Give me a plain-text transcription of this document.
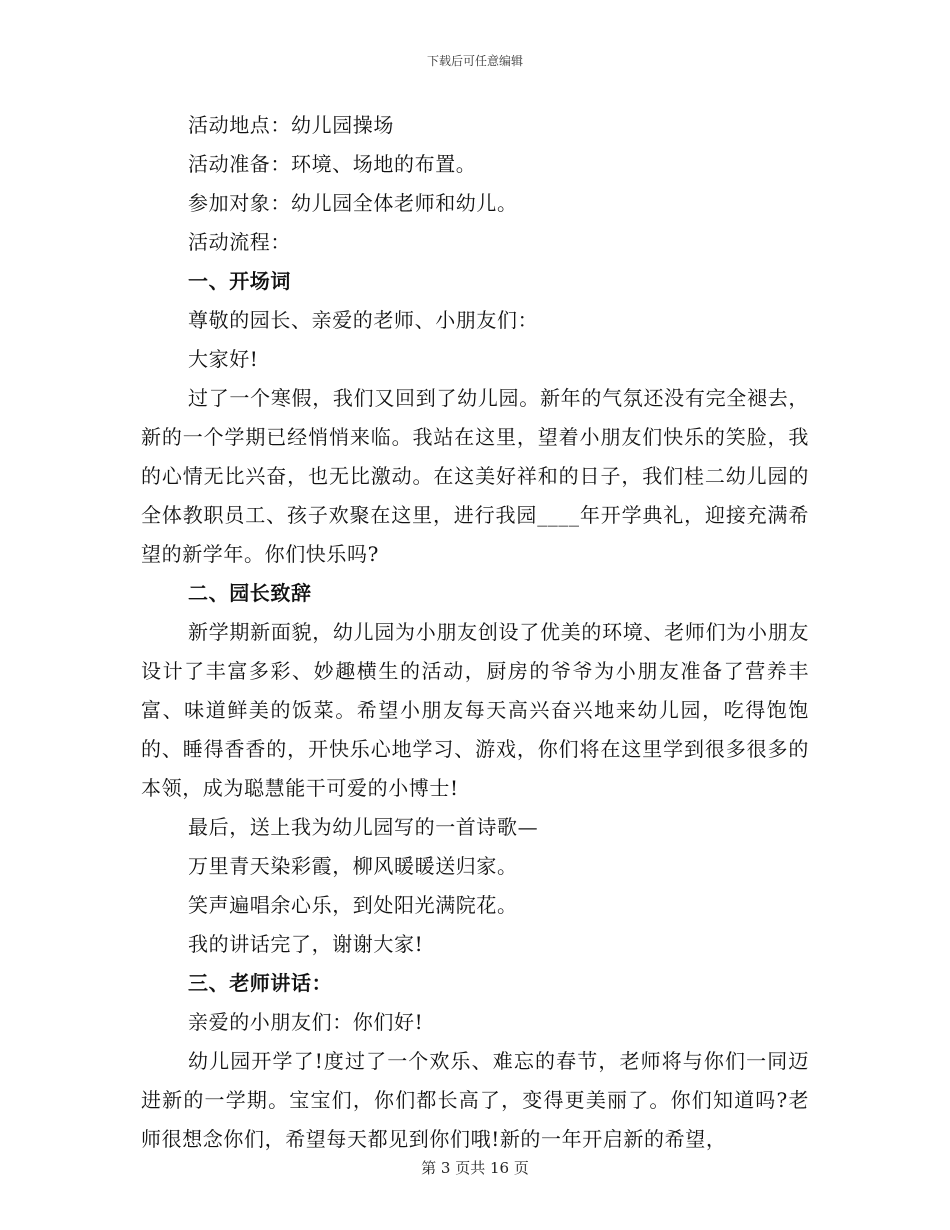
下载后可任意编辑

活动地点：幼儿园操场

活动准备：环境、场地的布置。

参加对象：幼儿园全体老师和幼儿。

活动流程：

一、开场词

尊敬的园长、亲爱的老师、小朋友们：

大家好!

过了一个寒假，我们又回到了幼儿园。新年的气氛还没有完全褪去，新的一个学期已经悄悄来临。我站在这里，望着小朋友们快乐的笑脸，我的心情无比兴奋，也无比激动。在这美好祥和的日子，我们桂二幼儿园的全体教职员工、孩子欢聚在这里，进行我园____年开学典礼，迎接充满希望的新学年。你们快乐吗?

二、园长致辞

新学期新面貌，幼儿园为小朋友创设了优美的环境、老师们为小朋友设计了丰富多彩、妙趣横生的活动，厨房的爷爷为小朋友准备了营养丰富、味道鲜美的饭菜。希望小朋友每天高兴奋兴地来幼儿园，吃得饱饱的、睡得香香的，开快乐心地学习、游戏，你们将在这里学到很多很多的本领，成为聪慧能干可爱的小博士!

最后，送上我为幼儿园写的一首诗歌—

万里青天染彩霞，柳风暖暖送归家。

笑声遍唱余心乐，到处阳光满院花。

我的讲话完了，谢谢大家!

三、老师讲话：

亲爱的小朋友们：你们好!

幼儿园开学了!度过了一个欢乐、难忘的春节，老师将与你们一同迈进新的一学期。宝宝们，你们都长高了，变得更美丽了。你们知道吗?老师很想念你们，希望每天都见到你们哦!新的一年开启新的希望，

第 3 页共 16 页
